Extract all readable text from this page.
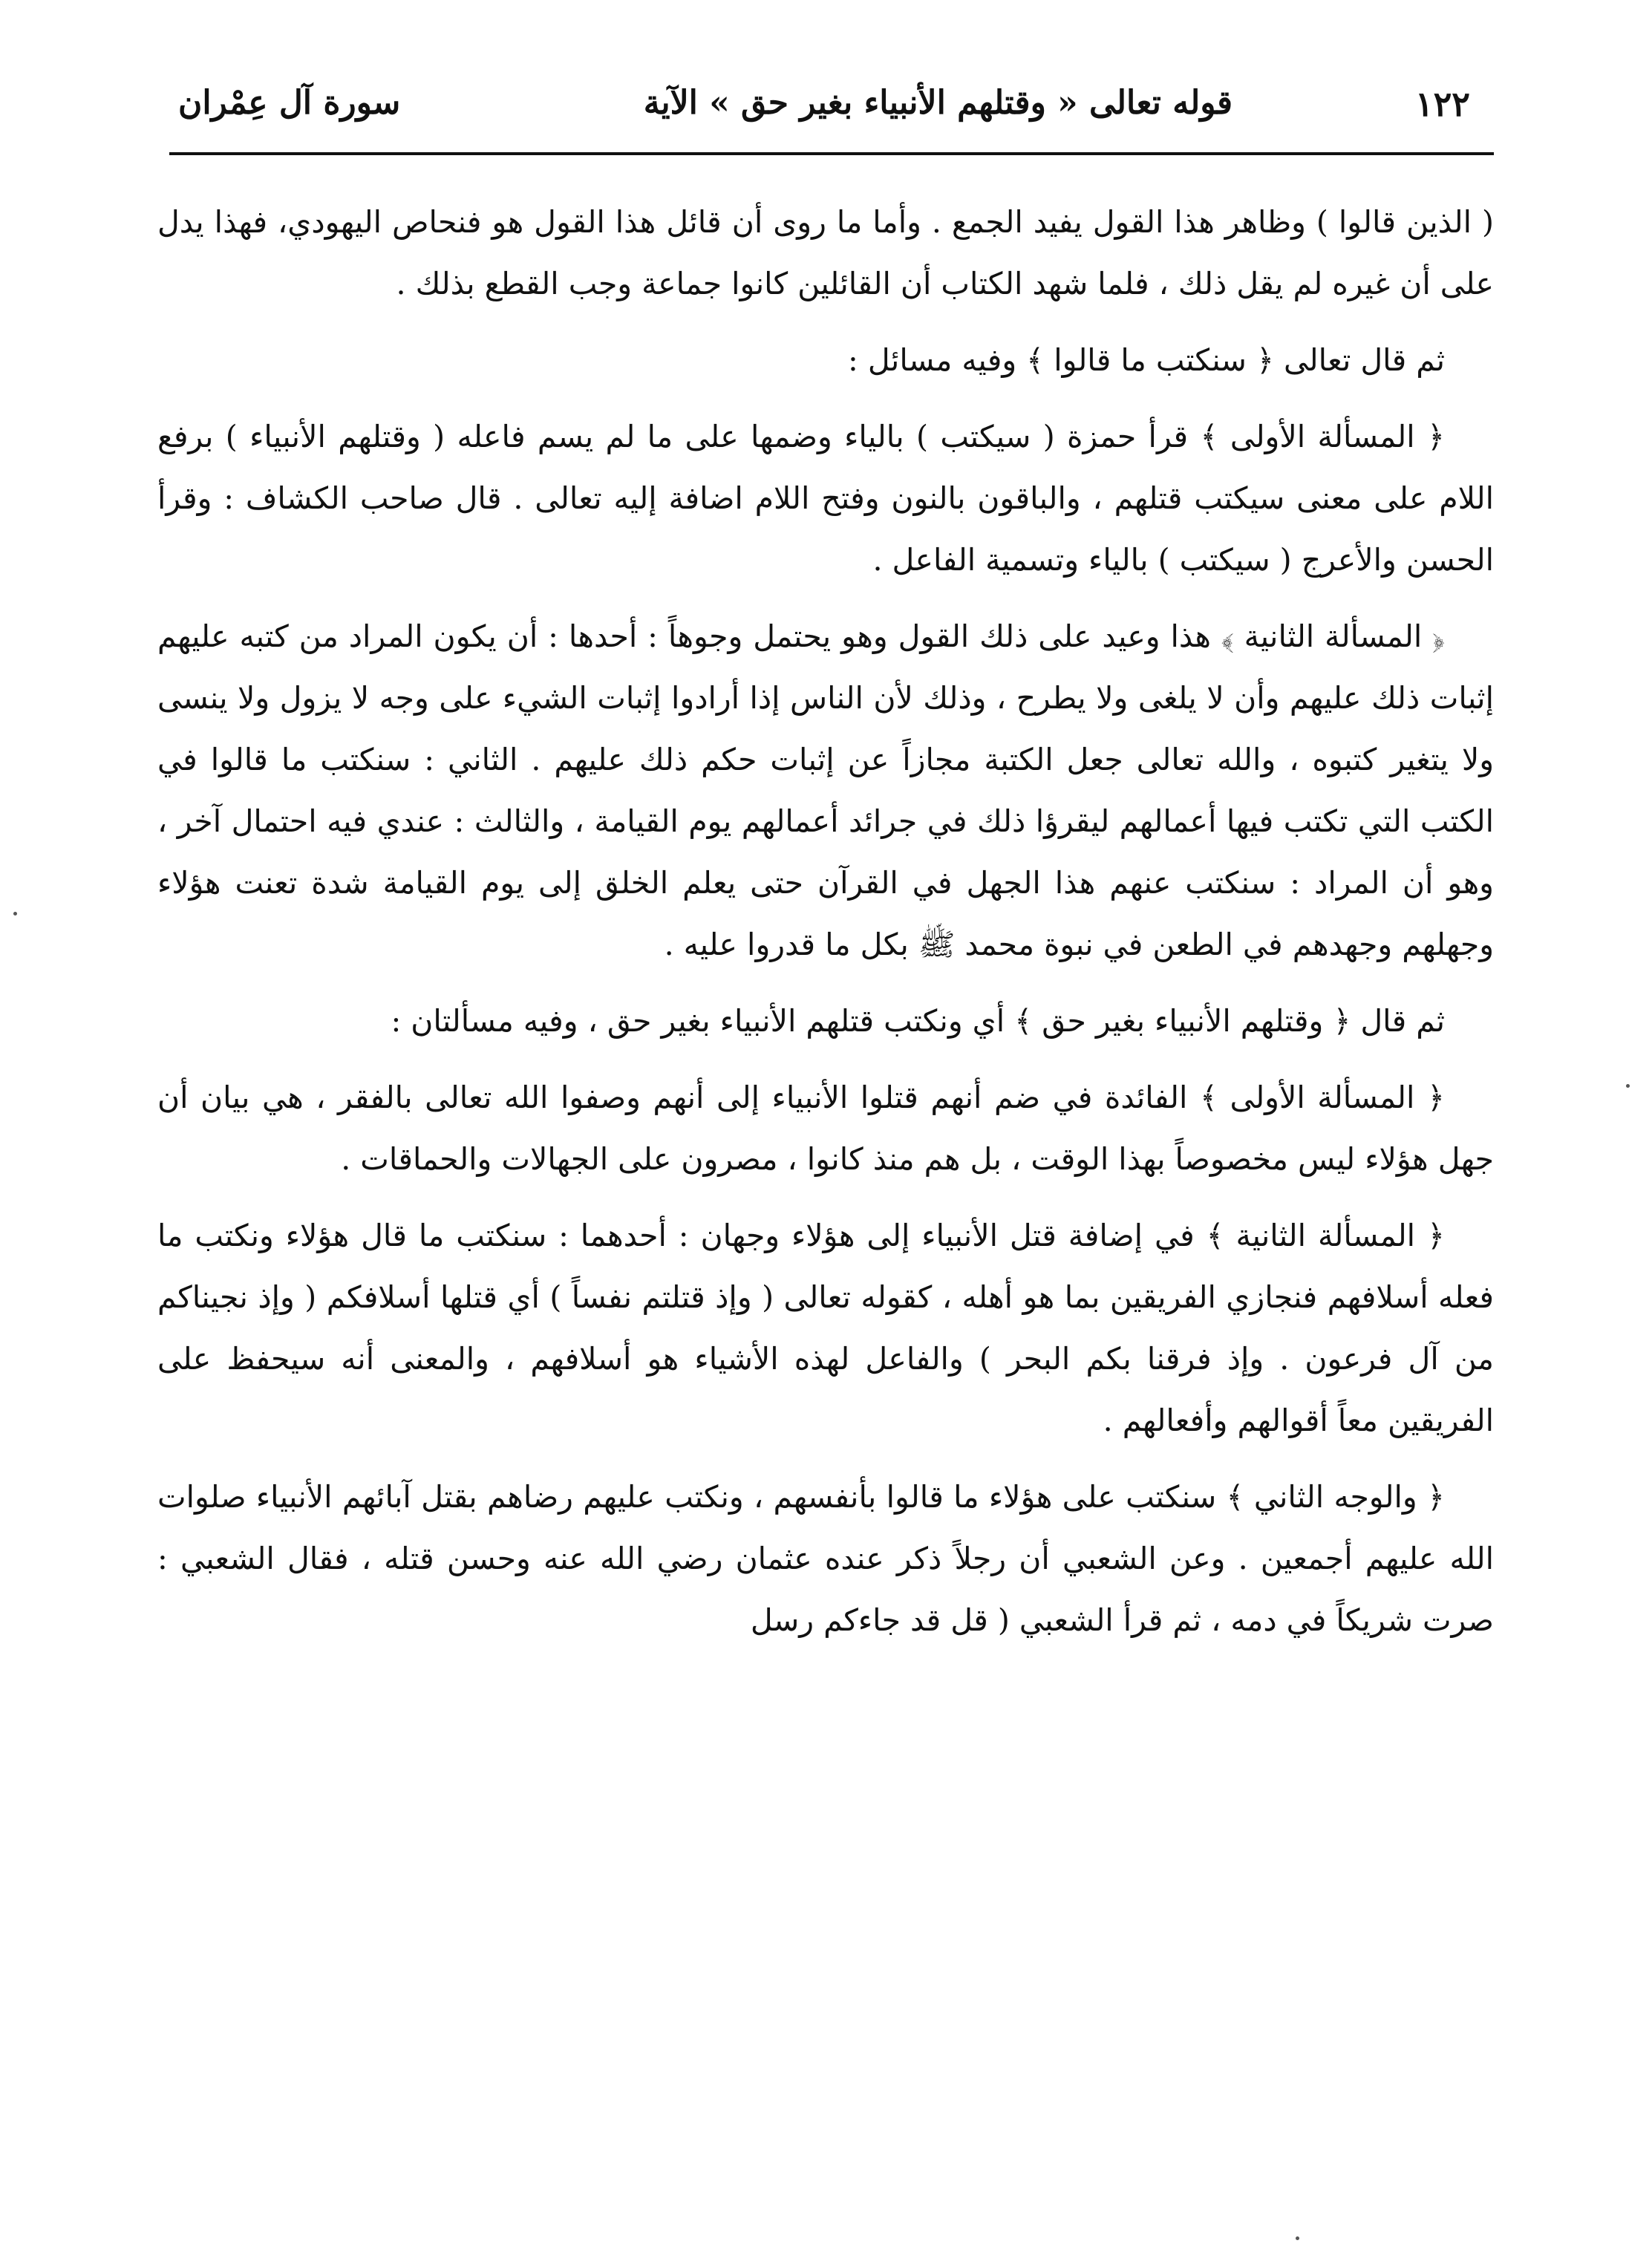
١٢٢
قوله تعالى « وقتلهم الأنبياء بغير حق » الآية
سورة آل عِمْران

( الذين قالوا ) وظاهر هذا القول يفيد الجمع . وأما ما روى أن قائل هذا القول هو فنحاص اليهودي، فهذا يدل على أن غيره لم يقل ذلك ، فلما شهد الكتاب أن القائلين كانوا جماعة وجب القطع بذلك .

ثم قال تعالى ﴿ سنكتب ما قالوا ﴾ وفيه مسائل :

﴿ المسألة الأولى ﴾ قرأ حمزة ( سيكتب ) بالياء وضمها على ما لم يسم فاعله ( وقتلهم الأنبياء ) برفع اللام على معنى سيكتب قتلهم ، والباقون بالنون وفتح اللام اضافة إليه تعالى . قال صاحب الكشاف : وقرأ الحسن والأعرج ( سيكتب ) بالياء وتسمية الفاعل .

﴿ المسألة الثانية ﴾ هذا وعيد على ذلك القول وهو يحتمل وجوهاً : أحدها : أن يكون المراد من كتبه عليهم إثبات ذلك عليهم وأن لا يلغى ولا يطرح ، وذلك لأن الناس إذا أرادوا إثبات الشيء على وجه لا يزول ولا ينسى ولا يتغير كتبوه ، والله تعالى جعل الكتبة مجازاً عن إثبات حكم ذلك عليهم . الثاني : سنكتب ما قالوا في الكتب التي تكتب فيها أعمالهم ليقرؤا ذلك في جرائد أعمالهم يوم القيامة ، والثالث : عندي فيه احتمال آخر ، وهو أن المراد : سنكتب عنهم هذا الجهل في القرآن حتى يعلم الخلق إلى يوم القيامة شدة تعنت هؤلاء وجهلهم وجهدهم في الطعن في نبوة محمد ﷺ بكل ما قدروا عليه .

ثم قال ﴿ وقتلهم الأنبياء بغير حق ﴾ أي ونكتب قتلهم الأنبياء بغير حق ، وفيه مسألتان :

﴿ المسألة الأولى ﴾ الفائدة في ضم أنهم قتلوا الأنبياء إلى أنهم وصفوا الله تعالى بالفقر ، هي بيان أن جهل هؤلاء ليس مخصوصاً بهذا الوقت ، بل هم منذ كانوا ، مصرون على الجهالات والحماقات .

﴿ المسألة الثانية ﴾ في إضافة قتل الأنبياء إلى هؤلاء وجهان : أحدهما : سنكتب ما قال هؤلاء ونكتب ما فعله أسلافهم فنجازي الفريقين بما هو أهله ، كقوله تعالى ( وإذ قتلتم نفساً ) أي قتلها أسلافكم ( وإذ نجيناكم من آل فرعون . وإذ فرقنا بكم البحر ) والفاعل لهذه الأشياء هو أسلافهم ، والمعنى أنه سيحفظ على الفريقين معاً أقوالهم وأفعالهم .

﴿ والوجه الثاني ﴾ سنكتب على هؤلاء ما قالوا بأنفسهم ، ونكتب عليهم رضاهم بقتل آبائهم الأنبياء صلوات الله عليهم أجمعين . وعن الشعبي أن رجلاً ذكر عنده عثمان رضي الله عنه وحسن قتله ، فقال الشعبي : صرت شريكاً في دمه ، ثم قرأ الشعبي ( قل قد جاءكم رسل
